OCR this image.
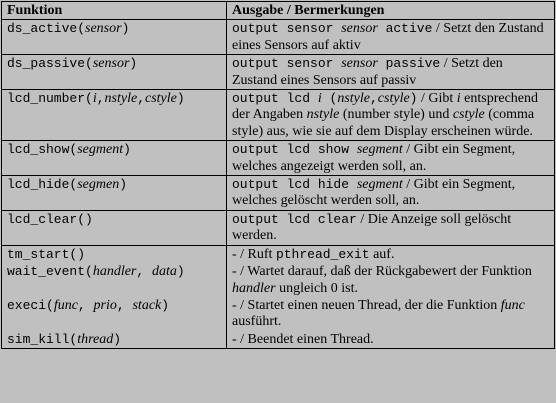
Funktion	Ausgabe / Bermerkungen
ds_active(sensor)	output sensor sensor active / Setzt den Zustand eines Sensors auf aktiv
ds_passive(sensor)	output sensor sensor passive / Setzt den Zustand eines Sensors auf passiv
lcd_number(i,nstyle,cstyle)	output lcd i (nstyle,cstyle) / Gibt i entsprechend der Angaben nstyle (number style) und cstyle (comma style) aus, wie sie auf dem Display erscheinen würde.
lcd_show(segment)	output lcd show segment / Gibt ein Segment, welches angezeigt werden soll, an.
lcd_hide(segmen)	output lcd hide segment / Gibt ein Segment, welches gelöscht werden soll, an.
lcd_clear()	output lcd clear / Die Anzeige soll gelöscht werden.
tm_start()	- / Ruft pthread_exit auf.
wait_event(handler, data)	- / Wartet darauf, daß der Rückgabewert der Funktion handler ungleich 0 ist.
execi(func, prio, stack)	- / Startet einen neuen Thread, der die Funktion func ausführt.
sim_kill(thread)	- / Beendet einen Thread.
